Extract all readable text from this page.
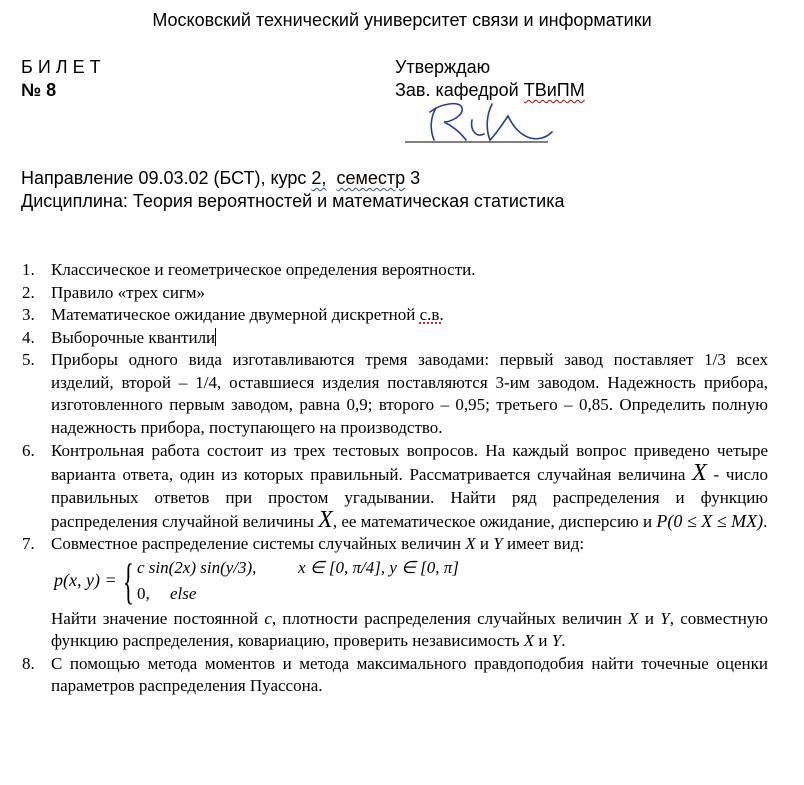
Московский технический университет связи и информатики
Б И Л Е Т
№ 8
Утверждаю
Зав. кафедрой ТВиПМ
Направление 09.03.02 (БСТ), курс 2, семестр 3
Дисциплина: Теория вероятностей и математическая статистика
1. Классическое и геометрическое определения вероятности.
2. Правило «трех сигм»
3. Математическое ожидание двумерной дискретной с.в.
4. Выборочные квантили
5. Приборы одного вида изготавливаются тремя заводами: первый завод поставляет 1/3 всех изделий, второй – 1/4, оставшиеся изделия поставляются 3-им заводом. Надежность прибора, изготовленного первым заводом, равна 0,9; второго – 0,95; третьего – 0,85. Определить полную надежность прибора, поступающего на производство.
6. Контрольная работа состоит из трех тестовых вопросов. На каждый вопрос приведено четыре варианта ответа, один из которых правильный. Рассматривается случайная величина X - число правильных ответов при простом угадывании. Найти ряд распределения и функцию распределения случайной величины X, ее математическое ожидание, дисперсию и P(0 ≤ X ≤ MX).
7. Совместное распределение системы случайных величин X и Y имеет вид:
p(x, y) = { c sin(2x) sin(y/3), x ∈ [0, π/4], y ∈ [0, π]
0, else
Найти значение постоянной c, плотности распределения случайных величин X и Y, совместную функцию распределения, ковариацию, проверить независимость X и Y.
8. С помощью метода моментов и метода максимального правдоподобия найти точечные оценки параметров распределения Пуассона.
